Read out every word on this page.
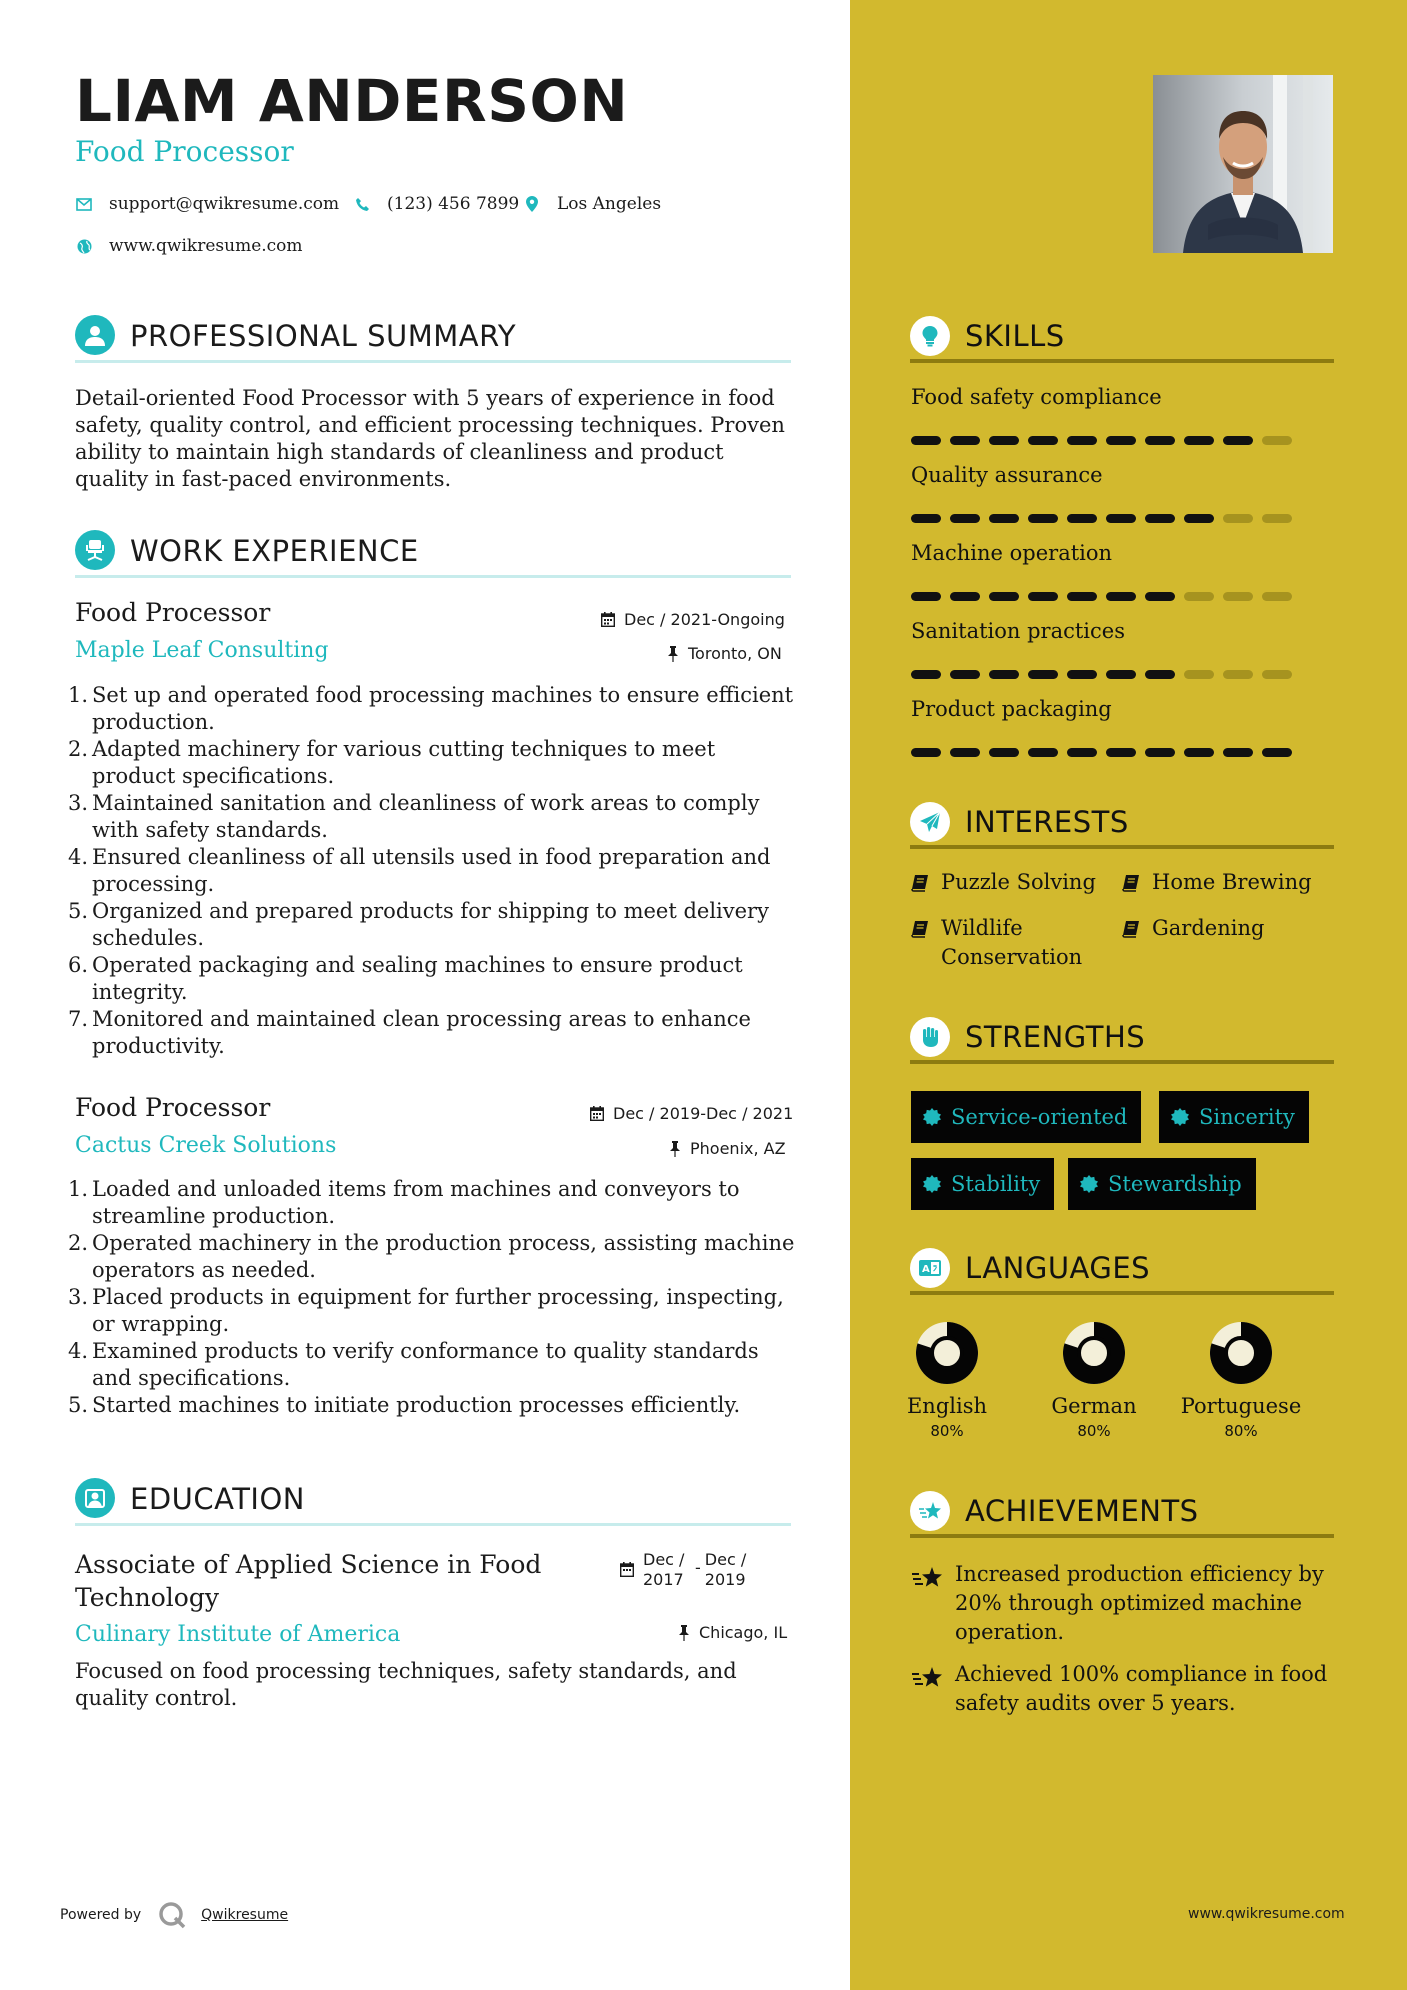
LIAM ANDERSON
Food Processor
support@qwikresume.com	(123) 456 7899 Los Angeles
www.qwikresume.com
PROFESSIONAL SUMMARY
Detail-oriented Food Processor with 5 years of experience in food safety, quality control, and efficient processing techniques. Proven ability to maintain high standards of cleanliness and product quality in fast-paced environments.
WORK EXPERIENCE
Food Processor
Maple Leaf Consulting
Dec / 2021-Ongoing
Toronto, ON
1. Set up and operated food processing machines to ensure efficient production.
2. Adapted machinery for various cutting techniques to meet product specifications.
3. Maintained sanitation and cleanliness of work areas to comply with safety standards.
4. Ensured cleanliness of all utensils used in food preparation and processing.
5. Organized and prepared products for shipping to meet delivery schedules.
6. Operated packaging and sealing machines to ensure product integrity.
7. Monitored and maintained clean processing areas to enhance productivity.
Food Processor
Cactus Creek Solutions
Dec / 2019-Dec / 2021
Phoenix, AZ
1. Loaded and unloaded items from machines and conveyors to streamline production.
2. Operated machinery in the production process, assisting machine operators as needed.
3. Placed products in equipment for further processing, inspecting, or wrapping.
4. Examined products to verify conformance to quality standards and specifications.
5. Started machines to initiate production processes efficiently.
EDUCATION
Associate of Applied Science in Food
Technology
Culinary Institute of America
Dec / 2017
- Dec / 2019
Chicago, IL
Focused on food processing techniques, safety standards, and quality control.
Powered by	Qwikresume
SKILLS
Food safety compliance
Quality assurance
Machine operation
Sanitation practices
Product packaging
INTERESTS
Puzzle Solving	Home Brewing
Wildlife Conservation
Gardening
STRENGTHS
Service-oriented	Sincerity
Stability	Stewardship
A LANGUAGES
English
80%
German
80%
Portuguese
80%
ACHIEVEMENTS
Increased production efficiency by 20% through optimized machine operation.
Achieved 100% compliance in food safety audits over 5 years.
www.qwikresume.com
